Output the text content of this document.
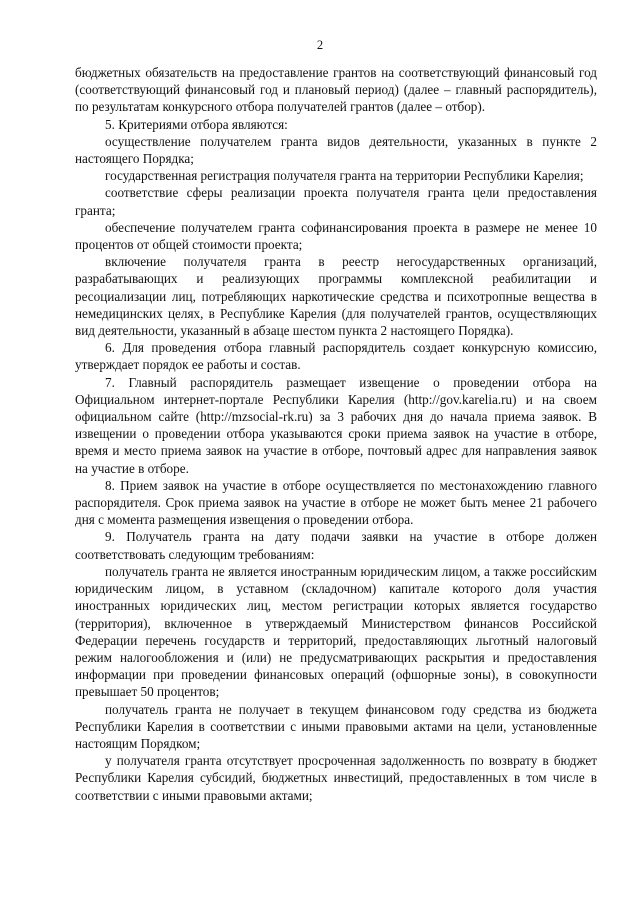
2

бюджетных обязательств на предоставление грантов на соответствующий финансовый год (соответствующий финансовый год и плановый период) (далее – главный распорядитель), по результатам конкурсного отбора получателей грантов (далее – отбор).

5. Критериями отбора являются:

осуществление получателем гранта видов деятельности, указанных в пункте 2 настоящего Порядка;

государственная регистрация получателя гранта на территории Республики Карелия;

соответствие сферы реализации проекта получателя гранта цели предоставления гранта;

обеспечение получателем гранта софинансирования проекта в размере не менее 10 процентов от общей стоимости проекта;

включение получателя гранта в реестр негосударственных организаций, разрабатывающих и реализующих программы комплексной реабилитации и ресоциализации лиц, потребляющих наркотические средства и психотропные вещества в немедицинских целях, в Республике Карелия (для получателей грантов, осуществляющих вид деятельности, указанный в абзаце шестом пункта 2 настоящего Порядка).

6. Для проведения отбора главный распорядитель создает конкурсную комиссию, утверждает порядок ее работы и состав.

7. Главный распорядитель размещает извещение о проведении отбора на Официальном интернет-портале Республики Карелия (http://gov.karelia.ru) и на своем официальном сайте (http://mzsocial-rk.ru) за 3 рабочих дня до начала приема заявок. В извещении о проведении отбора указываются сроки приема заявок на участие в отборе, время и место приема заявок на участие в отборе, почтовый адрес для направления заявок на участие в отборе.

8. Прием заявок на участие в отборе осуществляется по местонахождению главного распорядителя. Срок приема заявок на участие в отборе не может быть менее 21 рабочего дня с момента размещения извещения о проведении отбора.

9. Получатель гранта на дату подачи заявки на участие в отборе должен соответствовать следующим требованиям:

получатель гранта не является иностранным юридическим лицом, а также российским юридическим лицом, в уставном (складочном) капитале которого доля участия иностранных юридических лиц, местом регистрации которых является государство (территория), включенное в утверждаемый Министерством финансов Российской Федерации перечень государств и территорий, предоставляющих льготный налоговый режим налогообложения и (или) не предусматривающих раскрытия и предоставления информации при проведении финансовых операций (офшорные зоны), в совокупности превышает 50 процентов;

получатель гранта не получает в текущем финансовом году средства из бюджета Республики Карелия в соответствии с иными правовыми актами на цели, установленные настоящим Порядком;

у получателя гранта отсутствует просроченная задолженность по возврату в бюджет Республики Карелия субсидий, бюджетных инвестиций, предоставленных в том числе в соответствии с иными правовыми актами;
